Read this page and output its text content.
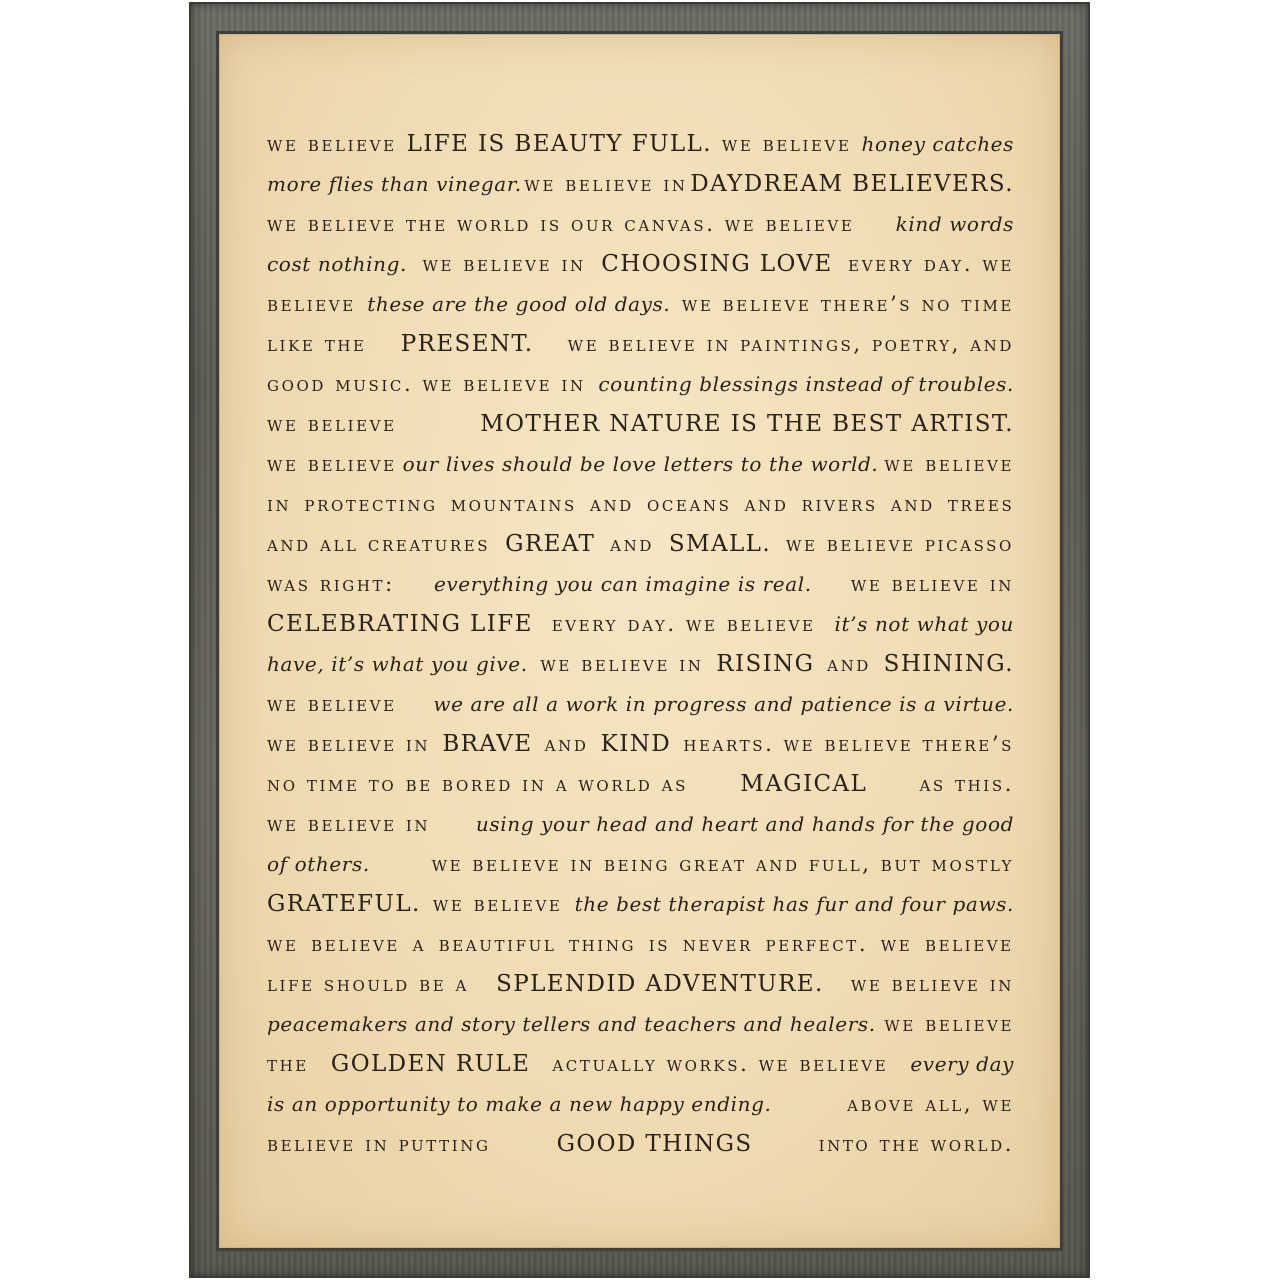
we believe LIFE IS BEAUTY FULL. we believe honey catches
more flies than vinegar. we believe in DAYDREAM BELIEVERS.
we believe the world is our canvas. we believe kind words
cost nothing. we believe in CHOOSING LOVE every day. we
believe these are the good old days. we believe there’s no time
like the PRESENT. we believe in paintings, poetry, and
good music. we believe in counting blessings instead of troubles.
we believe	MOTHER NATURE IS THE BEST ARTIST.
we believe our lives should be love letters to the world. we believe
in protecting mountains and oceans and rivers and trees
and all creatures GREAT and SMALL. we believe picasso
was right: everything you can imagine is real. we believe in
CELEBRATING LIFE every day. we believe it’s not what you
have, it’s what you give. we believe in RISING and SHINING.
we believe we are all a work in progress and patience is a virtue.
we believe in BRAVE and KIND hearts. we believe there’s
no time to be bored in a world as MAGICAL as this.
we believe in using your head and heart and hands for the good
of others.	we believe in being great and full, but mostly
GRATEFUL. we believe the best therapist has fur and four paws.
we believe a beautiful thing is never perfect. we believe
life should be a SPLENDID ADVENTURE. we believe in
peacemakers and story tellers and teachers and healers. we believe
the GOLDEN RULE actually works. we believe every day
is an opportunity to make a new happy ending.	above all, we
believe in putting	GOOD THINGS	into the world.
